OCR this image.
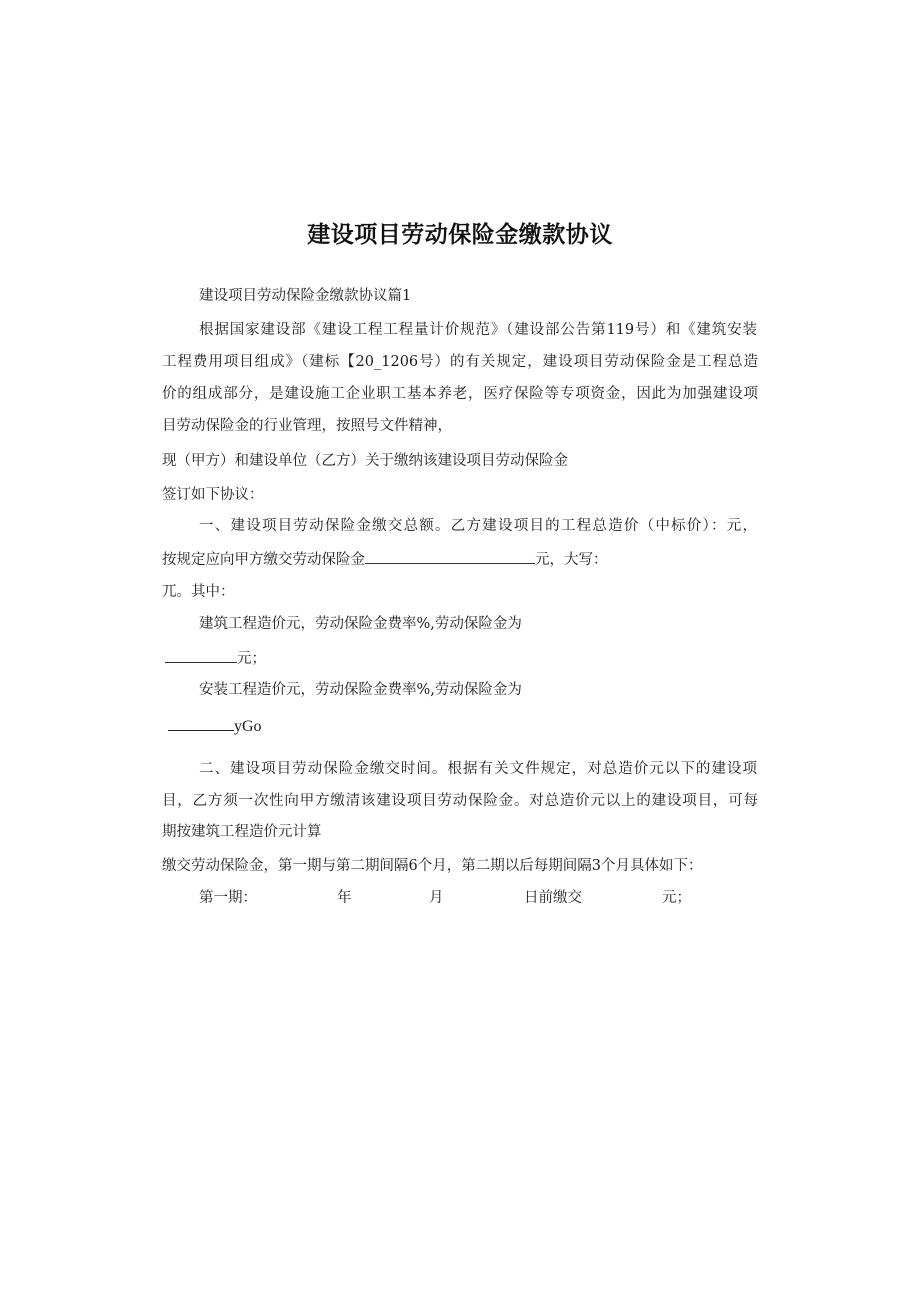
建设项目劳动保险金缴款协议
建设项目劳动保险金缴款协议篇1
根据国家建设部《建设工程工程量计价规范》（建设部公告第119号）和《建筑安装
工程费用项目组成》（建标【20_1206号）的有关规定，建设项目劳动保险金是工程总造
价的组成部分，是建设施工企业职工基本养老，医疗保险等专项资金，因此为加强建设项
目劳动保险金的行业管理，按照号文件精神，
现（甲方）和建设单位（乙方）关于缴纳该建设项目劳动保险金
签订如下协议：
一、建设项目劳动保险金缴交总额。乙方建设项目的工程总造价（中标价）：元，
按规定应向甲方缴交劳动保险金	元，大写：
兀。其中：
建筑工程造价元，劳动保险金费率%,劳动保险金为
元；
安装工程造价元，劳动保险金费率%,劳动保险金为
yGo
二、建设项目劳动保险金缴交时间。根据有关文件规定，对总造价元以下的建设项
目，乙方须一次性向甲方缴清该建设项目劳动保险金。对总造价元以上的建设项目，可每
期按建筑工程造价元计算
缴交劳动保险金，第一期与第二期间隔6个月，第二期以后每期间隔3个月具体如下：
第一期：	年	月	日前缴交	元；
